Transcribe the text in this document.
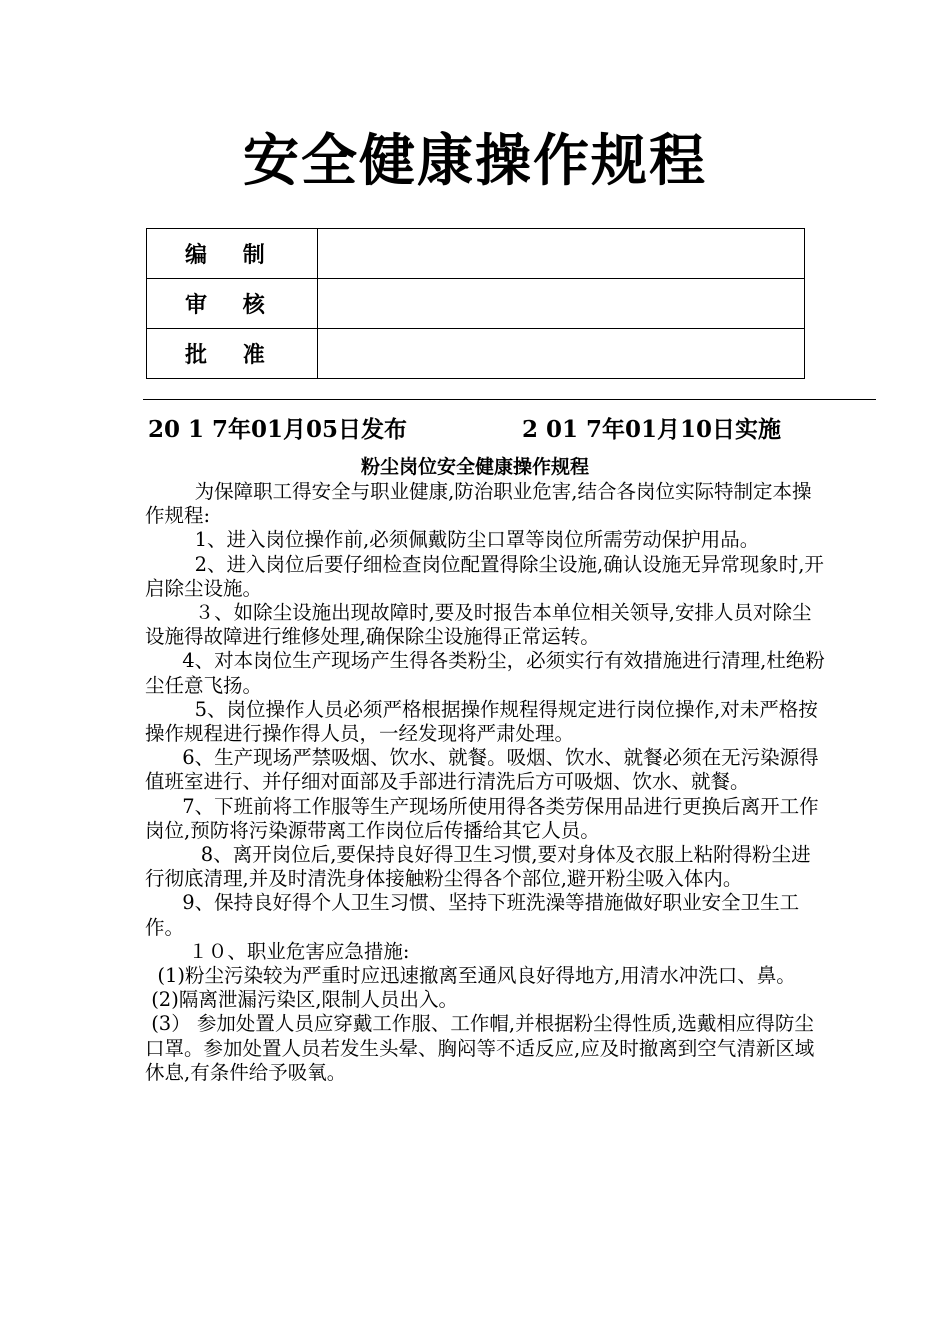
安全健康操作规程
编 制	
审 核	
批 准	
20 1 7年01月05日发布	2 01 7年01月10日实施
粉尘岗位安全健康操作规程

为保障职工得安全与职业健康,防治职业危害,结合各岗位实际特制定本操作规程:

1、进入岗位操作前,必须佩戴防尘口罩等岗位所需劳动保护用品。

2、进入岗位后要仔细检查岗位配置得除尘设施,确认设施无异常现象时,开启除尘设施。

３、如除尘设施出现故障时,要及时报告本单位相关领导,安排人员对除尘设施得故障进行维修处理,确保除尘设施得正常运转。

4、对本岗位生产现场产生得各类粉尘，必须实行有效措施进行清理,杜绝粉尘任意飞扬。

5、岗位操作人员必须严格根据操作规程得规定进行岗位操作,对未严格按操作规程进行操作得人员，一经发现将严肃处理。

6、生产现场严禁吸烟、饮水、就餐。吸烟、饮水、就餐必须在无污染源得值班室进行、并仔细对面部及手部进行清洗后方可吸烟、饮水、就餐。

7、下班前将工作服等生产现场所使用得各类劳保用品进行更换后离开工作岗位,预防将污染源带离工作岗位后传播给其它人员。

8、离开岗位后,要保持良好得卫生习惯,要对身体及衣服上粘附得粉尘进行彻底清理,并及时清洗身体接触粉尘得各个部位,避开粉尘吸入体内。

9、保持良好得个人卫生习惯、坚持下班洗澡等措施做好职业安全卫生工作。

１０、职业危害应急措施:

(1)粉尘污染较为严重时应迅速撤离至通风良好得地方,用清水冲洗口、鼻。

(2)隔离泄漏污染区,限制人员出入。

(3） 参加处置人员应穿戴工作服、工作帽,并根据粉尘得性质,选戴相应得防尘口罩。参加处置人员若发生头晕、胸闷等不适反应,应及时撤离到空气清新区域休息,有条件给予吸氧。
